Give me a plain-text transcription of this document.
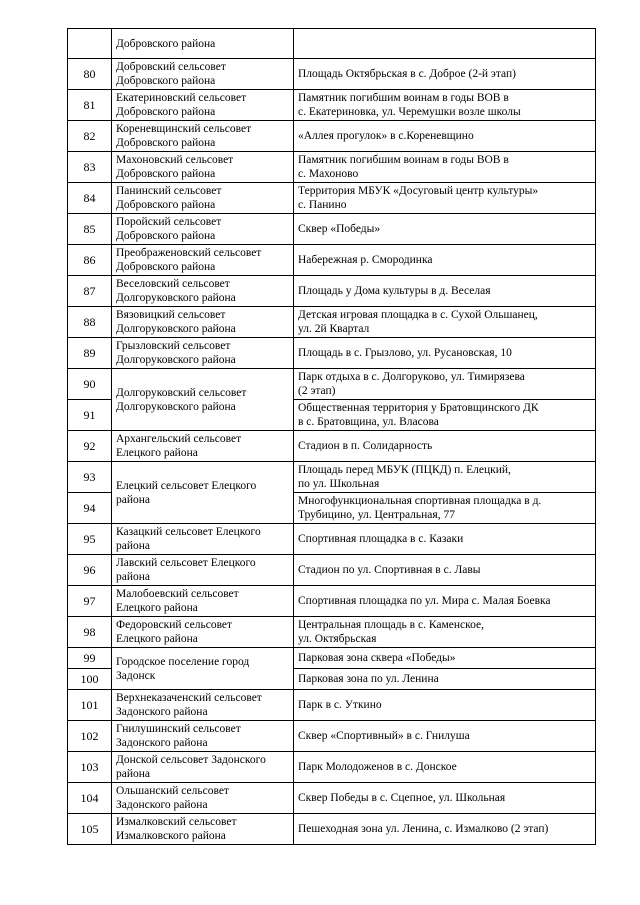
	Добровского района	

80	Добровский сельсовет
Добровского района	Площадь Октябрьская в с. Доброе (2-й этап)

81	Екатериновский сельсовет
Добровского района	Памятник погибшим воинам в годы ВОВ в
с. Екатериновка, ул. Черемушки возле школы

82	Кореневщинский сельсовет
Добровского района	«Аллея прогулок» в с.Кореневщино

83	Махоновский сельсовет
Добровского района	Памятник погибшим воинам в годы ВОВ в
с. Махоново

84	Панинский сельсовет
Добровского района	Территория МБУК «Досуговый центр культуры»
с. Панино

85	Поройский сельсовет
Добровского района	Сквер «Победы»

86	Преображеновский сельсовет
Добровского района	Набережная р. Смородинка

87	Веселовский сельсовет
Долгоруковского района	Площадь у Дома культуры в д. Веселая

88	Вязовицкий сельсовет
Долгоруковского района	Детская игровая площадка в с. Сухой Ольшанец,
ул. 2й Квартал

89	Грызловский сельсовет
Долгоруковского района	Площадь в с. Грызлово, ул. Русановская, 10

90	Долгоруковский сельсовет
Долгоруковского района	Парк отдыха в с. Долгоруково, ул. Тимирязева
(2 этап)

91		Общественная территория у Братовщинского ДК
в с. Братовщина, ул. Власова

92	Архангельский сельсовет
Елецкого района	Стадион в п. Солидарность

93	Елецкий сельсовет Елецкого
района	Площадь перед МБУК (ПЦКД) п. Елецкий,
по ул. Школьная

94		Многофункциональная спортивная площадка в д.
Трубицино, ул. Центральная, 77

95	Казацкий сельсовет Елецкого
района	Спортивная площадка в с. Казаки

96	Лавский сельсовет Елецкого
района	Стадион по ул. Спортивная в с. Лавы

97	Малобоевский сельсовет
Елецкого района	Спортивная площадка по ул. Мира с. Малая Боевка

98	Федоровский сельсовет
Елецкого района	Центральная площадь в с. Каменское,
ул. Октябрьская

99	Городское поселение город
Задонск	Парковая зона сквера «Победы»

100		Парковая зона по ул. Ленина

101	Верхнеказаченский сельсовет
Задонского района	Парк в с. Уткино

102	Гнилушинский сельсовет
Задонского района	Сквер «Спортивный» в с. Гнилуша

103	Донской сельсовет Задонского
района	Парк Молодоженов в с. Донское

104	Ольшанский сельсовет
Задонского района	Сквер Победы в с. Сцепное, ул. Школьная

105	Измалковский сельсовет
Измалковского района	Пешеходная зона ул. Ленина, с. Измалково (2 этап)
